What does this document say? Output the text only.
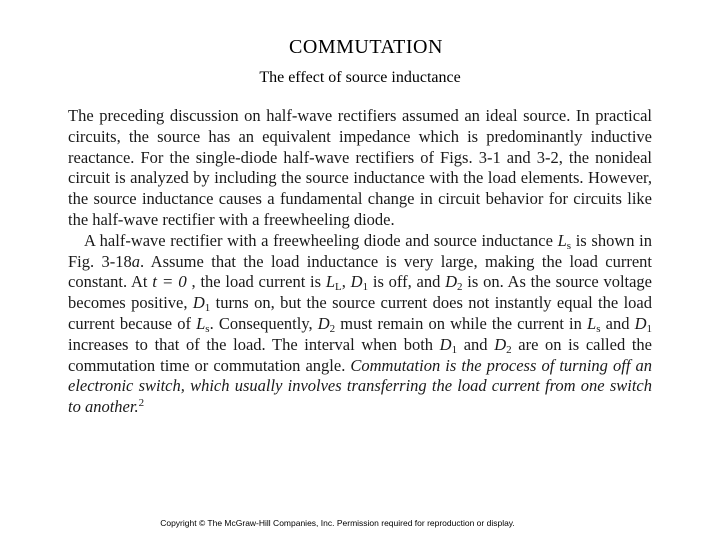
COMMUTATION

The effect of source inductance

The preceding discussion on half-wave rectifiers assumed an ideal source. In practical circuits, the source has an equivalent impedance which is predominantly inductive reactance. For the single-diode half-wave rectifiers of Figs. 3-1 and 3-2, the nonideal circuit is analyzed by including the source inductance with the load elements. However, the source inductance causes a fundamental change in circuit behavior for circuits like the half-wave rectifier with a freewheeling diode.

A half-wave rectifier with a freewheeling diode and source inductance $L_s$ is shown in Fig. 3-18a. Assume that the load inductance is very large, making the load current constant. At t = 0 , the load current is $L_L$, $D_1$ is off, and $D_2$ is on. As the source voltage becomes positive, $D_1$ turns on, but the source current does not instantly equal the load current because of $L_s$. Consequently, $D_2$ must remain on while the current in $L_s$ and $D_1$ increases to that of the load. The interval when both $D_1$ and $D_2$ are on is called the commutation time or commutation angle. Commutation is the process of turning off an electronic switch, which usually involves transferring the load current from one switch to another.$^2$

Copyright © The McGraw-Hill Companies, Inc. Permission required for reproduction or display.
